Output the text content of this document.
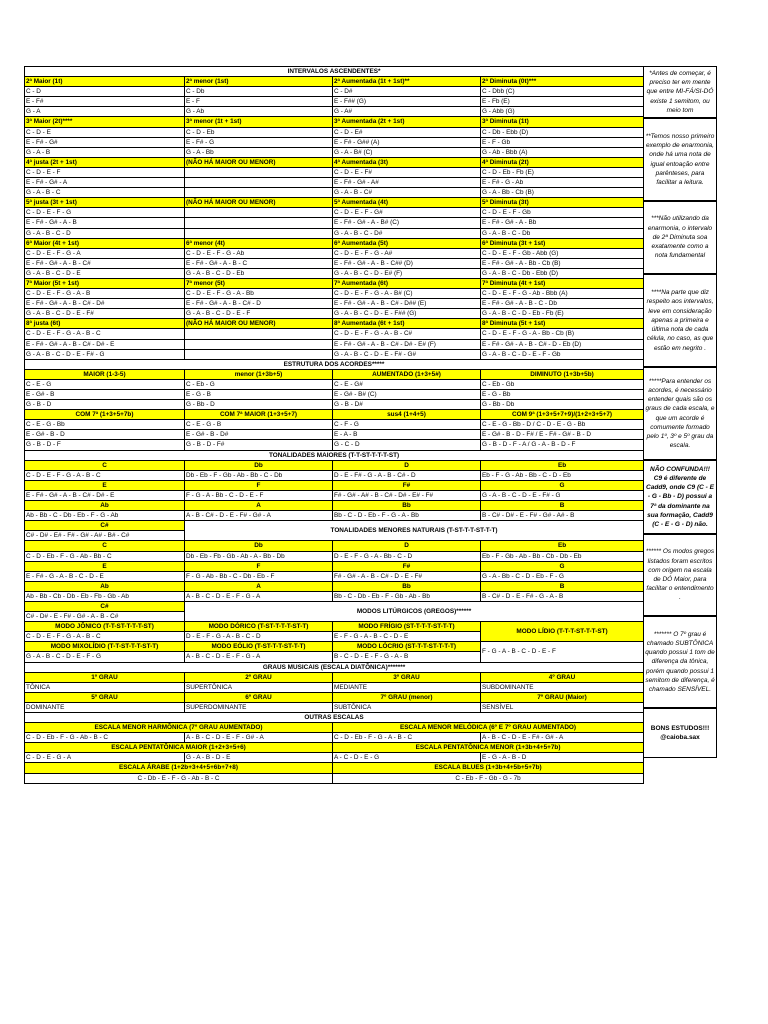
INTERVALOS ASCENDENTES*			
2ª Maior (1t)	2ª menor (1st)	2ª Aumentada (1t + 1st)**	2ª Diminuta (0t)***
C - D	C - Db	C - D#	C - Dbb (C)
E - F#	E - F	E - F## (G)	E - Fb (E)
G - A	G - Ab	G - A#	G - Abb (G)
3ª Maior (2t)****	3ª menor (1t + 1st)	3ª Aumentada (2t + 1st)	3ª Diminuta (1t)
C - D - E	C - D - Eb	C - D - E#	C - Db - Ebb (D)
E - F# - G#	E - F# - G	E - F# - G## (A)	E - F - Gb
G - A - B	G - A - Bb	G - A - B# (C)	G - Ab - Bbb (A)
4ª justa (2t + 1st)	(NÃO HÁ MAIOR OU MENOR)	4ª Aumentada (3t)	4ª Diminuta (2t)
C - D - E - F		C - D - E - F#	C - D - Eb - Fb (E)
E - F# - G# - A		E - F# - G# - A#	E - F# - G - Ab
G - A - B - C		G - A - B - C#	G - A - Bb - Cb (B)
5ª justa (3t + 1st)	(NÃO HÁ MAIOR OU MENOR)	5ª Aumentada (4t)	5ª Diminuta (3t)
C - D - E - F - G		C - D - E - F - G#	C - D - E - F - Gb
E - F# - G# - A - B		E - F# - G# - A - B# (C)	E - F# - G# - A - Bb
G - A - B - C - D		G - A - B - C - D#	G - A - B - C - Db
6ª Maior (4t + 1st)	6ª menor (4t)	6ª Aumentada (5t)	6ª Diminuta (3t + 1st)
C - D - E - F - G - A	C - D - E - F - G - Ab	C - D - E - F - G - A#	C - D - E - F - Gb - Abb (G)
E - F# - G# - A - B - C#	E - F# - G# - A - B - C	E - F# - G# - A - B - C## (D)	E - F# - G# - A - Bb - Cb (B)
G - A - B - C - D - E	G - A - B - C - D - Eb	G - A - B - C - D - E# (F)	G - A - B - C - Db - Ebb (D)
7ª Maior (5t + 1st)	7ª menor (5t)	7ª Aumentada (6t)	7ª Diminuta (4t + 1st)
C - D - E - F - G - A - B	C - D - E - F - G - A - Bb	C - D - E - F - G - A - B# (C)	C - D - E - F - G - Ab - Bbb (A)
E - F# - G# - A - B - C# - D#	E - F# - G# - A - B - C# - D	E - F# - G# - A - B - C# - D## (E)	E - F# - G# - A - B - C - Db
G - A - B - C - D - E - F#	G - A - B - C - D - E - F	G - A - B - C - D - E - F## (G)	G - A - B - C - D - Eb - Fb (E)
8ª justa (6t)	(NÃO HÁ MAIOR OU MENOR)	8ª Aumentada (6t + 1st)	8ª Diminuta (5t + 1st)
C - D - E - F - G - A - B - C		C - D - E - F - G - A - B - C#	C - D - E - F - G - A - Bb - Cb (B)
E - F# - G# - A - B - C# - D# - E		E - F# - G# - A - B - C# - D# - E# (F)	E - F# - G# - A - B - C# - D - Eb (D)
G - A - B - C - D - E - F# - G		G - A - B - C - D - E - F# - G#	G - A - B - C - D - E - F - Gb
ESTRUTURA DOS ACORDES*****			
MAIOR (1-3-5)	menor (1+3b+5)	AUMENTADO (1+3+5#)	DIMINUTO (1+3b+5b)
C - E - G	C - Eb - G	C - E - G#	C - Eb - Gb
E - G# - B	E - G - B	E - G# - B# (C)	E - G - Bb
G - B - D	G - Bb - D	G - B - D#	G - Bb - Db
COM 7ª (1+3+5+7b)	COM 7ª MAIOR (1+3+5+7)	sus4 (1+4+5)	COM 9ª (1+3+5+7+9)/(1+2+3+5+7)
C - E - G - Bb	C - E - G - B	C - F - G	C - E - G - Bb - D / C - D - E - G - Bb
E - G# - B - D	E - G# - B - D#	E - A - B	E - G# - B - D - F# / E - F# - G# - B - D
G - B - D - F	G - B - D - F#	G - C - D	G - B - D - F - A / G - A - B - D - F
TONALIDADES MAIORES (T-T-ST-T-T-T-ST)			
C	Db	D	Eb
C - D - E - F - G - A - B - C	Db - Eb - F - Gb - Ab - Bb - C - Db	D - E - F# - G - A - B - C# - D	Eb - F - G - Ab - Bb - C - D - Eb
E	F	F#	G
E - F# - G# - A - B - C# - D# - E	F - G - A - Bb - C - D - E - F	F# - G# - A# - B - C# - D# - E# - F#	G - A - B - C - D - E - F# - G
Ab	A	Bb	B
Ab - Bb - C - Db - Eb - F - G - Ab	A - B - C# - D - E - F# - G# - A	Bb - C - D - Eb - F - G - A - Bb	B - C# - D# - E - F# - G# - A# - B
C#	TONALIDADES MENORES NATURAIS (T-ST-T-T-ST-T-T)		
C# - D# - E# - F# - G# - A# - B# - C#			
C	Db	D	Eb
C - D - Eb - F - G - Ab - Bb - C	Db - Eb - Fb - Gb - Ab - A - Bb - Db	D - E - F - G - A - Bb - C - D	Eb - F - Gb - Ab - Bb - Cb - Db - Eb
E	F	F#	G
E - F# - G - A - B - C - D - E	F - G - Ab - Bb - C - Db - Eb - F	F# - G# - A - B - C# - D - E - F#	G - A - Bb - C - D - Eb - F - G
Ab	A	Bb	B
Ab - Bb - Cb - Db - Eb - Fb - Gb - Ab	A - B - C - D - E - F - G - A	Bb - C - Db - Eb - F - Gb - Ab - Bb	B - C# - D - E - F# - G - A - B
C#	MODOS LITÚRGICOS (GREGOS)******		
C# - D# - E - F# - G# - A - B - C#			
MODO JÔNICO (T-T-ST-T-T-T-ST)	MODO DÓRICO (T-ST-T-T-T-ST-T)	MODO FRÍGIO (ST-T-T-T-ST-T-T)	MODO LÍDIO (T-T-T-ST-T-T-ST)
C - D - E - F - G - A - B - C	D - E - F - G - A - B - C - D	E - F - G - A - B - C - D - E	
MODO MIXOLÍDIO (T-T-ST-T-T-ST-T)	MODO EÓLIO (T-ST-T-T-ST-T-T)	MODO LÓCRIO (ST-T-T-ST-T-T-T)	F - G - A - B - C - D - E - F
G - A - B - C - D - E - F - G	A - B - C - D - E - F - G - A	B - C - D - E - F - G - A - B	
GRAUS MUSICAIS (ESCALA DIATÔNICA)*******			
1º GRAU	2º GRAU	3º GRAU	4º GRAU
TÔNICA	SUPERTÔNICA	MEDIANTE	SUBDOMINANTE
5º GRAU	6º GRAU	7º GRAU (menor)	7º GRAU (Maior)
DOMINANTE	SUPERDOMINANTE	SUBTÔNICA	SENSÍVEL
OUTRAS ESCALAS			
ESCALA MENOR HARMÔNICA (7º GRAU AUMENTADO)		ESCALA MENOR MELÓDICA (6º E 7º GRAU AUMENTADO)	
C - D - Eb - F - G - Ab - B - C	A - B - C - D - E - F - G# - A	C - D - Eb - F - G - A - B - C	A - B - C - D - E - F# - G# - A
ESCALA PENTATÔNICA MAIOR (1+2+3+5+6)		ESCALA PENTATÔNICA MENOR (1+3b+4+5+7b)	
C - D - E - G - A	G - A - B - D - E	A - C - D - E - G	E - G - A - B - D
ESCALA ÁRABE (1+2b+3+4+5+6b+7+8)		ESCALA BLUES (1+3b+4+5b+5+7b)	
C - Db - E - F - G - Ab - B - C		C - Eb - F - Gb - G - 7b	
*Antes de começar, é preciso ter em mente que entre MI-FÁ/SI-DÓ existe 1 semitom, ou meio tom
**Temos nosso primeiro exemplo de enarmonia, onde há uma nota de igual entoação entre parênteses, para facilitar a leitura.
***Não utilizando da enarmonia, o intervalo de 2ª Diminuta soa exatamente como a nota fundamental
****Na parte que diz respeito aos intervalos, leve em consideração apenas a primeira e última nota de cada célula, no caso, as que estão em negrito .
*****Para entender os acordes, é necessário entender quais são os graus de cada escala, e que um acorde é comumente formado pelo 1º, 3º e 5º grau da escala.
NÃO CONFUNDA!!! C9 é diferente de Cadd9, onde C9 (C - E - G - Bb - D) possui a 7ª da dominante na sua formação, Cadd9 (C - E - G - D) não.
****** Os modos gregos listados foram escritos com origem na escala de DÓ Maior, para facilitar o entendimento .
******* O 7º grau é chamado SUBTÔNICA quando possui 1 tom de diferença da tônica, porém quando possui 1 semitom de diferença, é chamado SENSÍVEL.
BONS ESTUDOS!!! @caioba.sax
